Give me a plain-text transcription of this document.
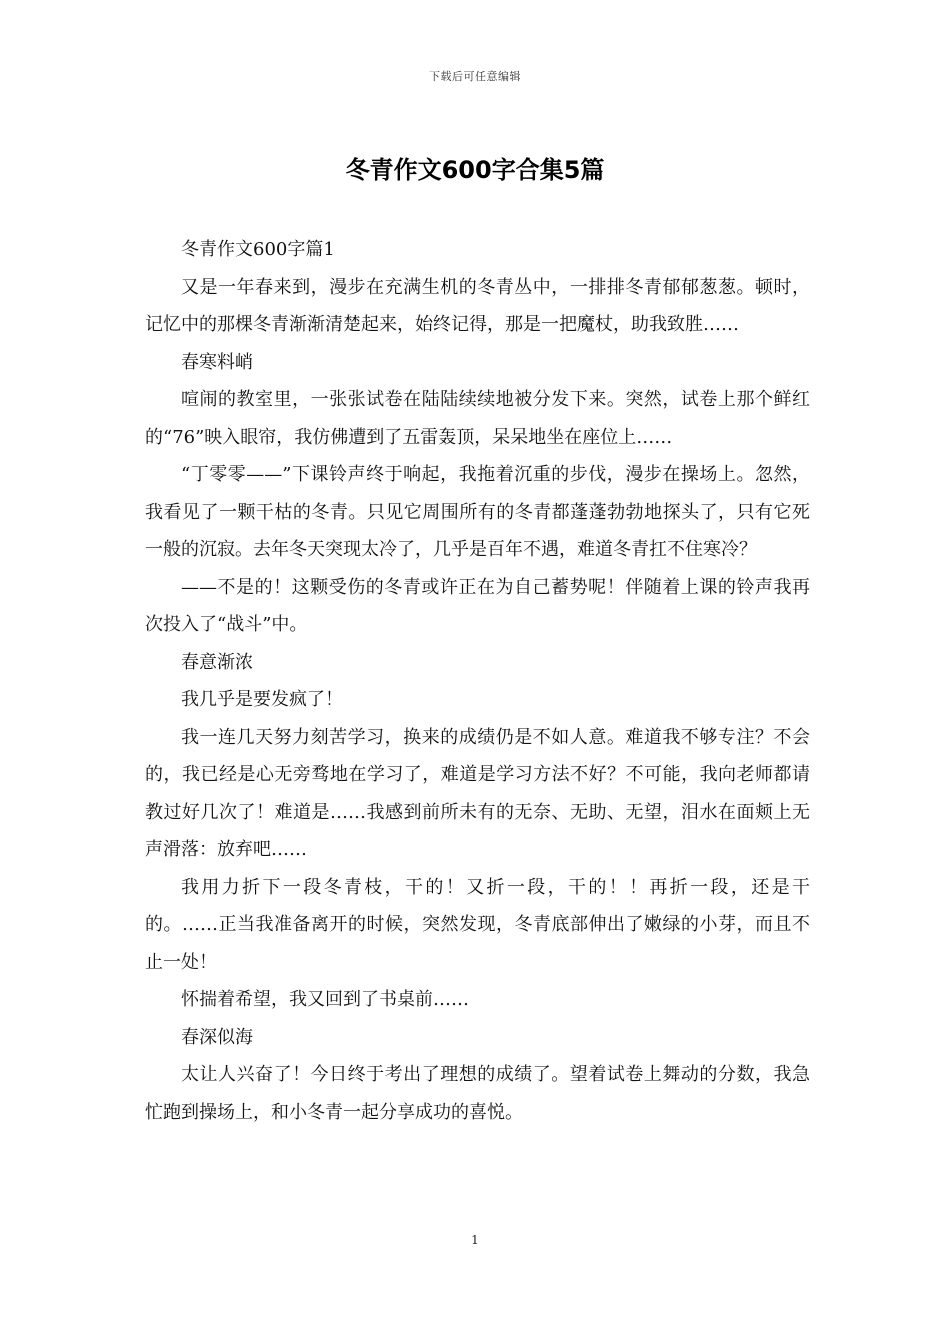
下载后可任意编辑
冬青作文600字合集5篇

冬青作文600字篇1

又是一年春来到，漫步在充满生机的冬青丛中，一排排冬青郁郁葱葱。顿时，记忆中的那棵冬青渐渐清楚起来，始终记得，那是一把魔杖，助我致胜……

春寒料峭

喧闹的教室里，一张张试卷在陆陆续续地被分发下来。突然，试卷上那个鲜红的“76”映入眼帘，我仿佛遭到了五雷轰顶，呆呆地坐在座位上……

“丁零零——”下课铃声终于响起，我拖着沉重的步伐，漫步在操场上。忽然，我看见了一颗干枯的冬青。只见它周围所有的冬青都蓬蓬勃勃地探头了，只有它死一般的沉寂。去年冬天突现太冷了，几乎是百年不遇，难道冬青扛不住寒冷？

——不是的！这颗受伤的冬青或许正在为自己蓄势呢！伴随着上课的铃声我再次投入了“战斗”中。

春意渐浓

我几乎是要发疯了！

我一连几天努力刻苦学习，换来的成绩仍是不如人意。难道我不够专注？不会的，我已经是心无旁骛地在学习了，难道是学习方法不好？不可能，我向老师都请教过好几次了！难道是……我感到前所未有的无奈、无助、无望，泪水在面颊上无声滑落：放弃吧……

我用力折下一段冬青枝，干的！又折一段，干的！！再折一段，还是干的。……正当我准备离开的时候，突然发现，冬青底部伸出了嫩绿的小芽，而且不止一处！

怀揣着希望，我又回到了书桌前……

春深似海

太让人兴奋了！今日终于考出了理想的成绩了。望着试卷上舞动的分数，我急忙跑到操场上，和小冬青一起分享成功的喜悦。

1
